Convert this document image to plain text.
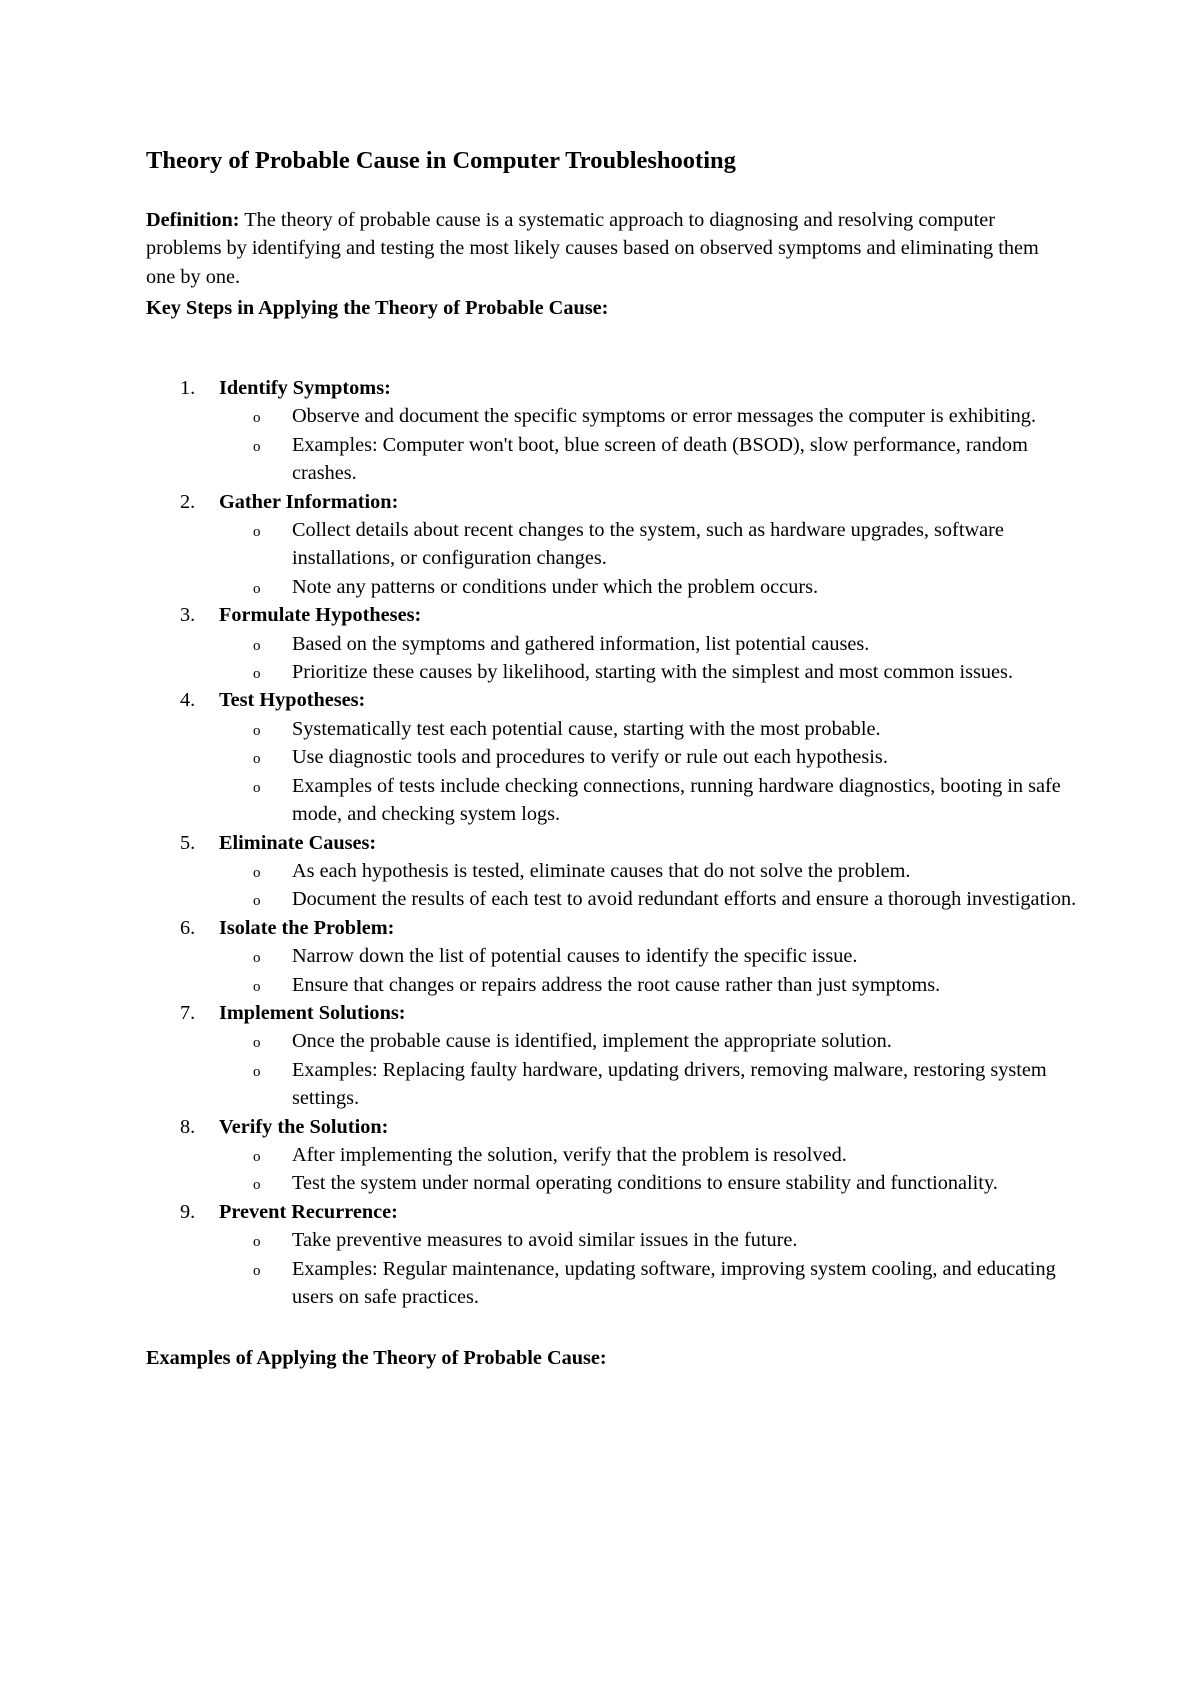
Theory of Probable Cause in Computer Troubleshooting

Definition: The theory of probable cause is a systematic approach to diagnosing and resolving computer problems by identifying and testing the most likely causes based on observed symptoms and eliminating them one by one.

Key Steps in Applying the Theory of Probable Cause:
1. Identify Symptoms:
o Observe and document the specific symptoms or error messages the computer is exhibiting.
o Examples: Computer won't boot, blue screen of death (BSOD), slow performance, random crashes.
2. Gather Information:
o Collect details about recent changes to the system, such as hardware upgrades, software installations, or configuration changes.
o Note any patterns or conditions under which the problem occurs.
3. Formulate Hypotheses:
o Based on the symptoms and gathered information, list potential causes.
o Prioritize these causes by likelihood, starting with the simplest and most common issues.
4. Test Hypotheses:
o Systematically test each potential cause, starting with the most probable.
o Use diagnostic tools and procedures to verify or rule out each hypothesis.
o Examples of tests include checking connections, running hardware diagnostics, booting in safe mode, and checking system logs.
5. Eliminate Causes:
o As each hypothesis is tested, eliminate causes that do not solve the problem.
o Document the results of each test to avoid redundant efforts and ensure a thorough investigation.
6. Isolate the Problem:
o Narrow down the list of potential causes to identify the specific issue.
o Ensure that changes or repairs address the root cause rather than just symptoms.
7. Implement Solutions:
o Once the probable cause is identified, implement the appropriate solution.
o Examples: Replacing faulty hardware, updating drivers, removing malware, restoring system settings.
8. Verify the Solution:
o After implementing the solution, verify that the problem is resolved.
o Test the system under normal operating conditions to ensure stability and functionality.
9. Prevent Recurrence:
o Take preventive measures to avoid similar issues in the future.
o Examples: Regular maintenance, updating software, improving system cooling, and educating users on safe practices.
Examples of Applying the Theory of Probable Cause:
